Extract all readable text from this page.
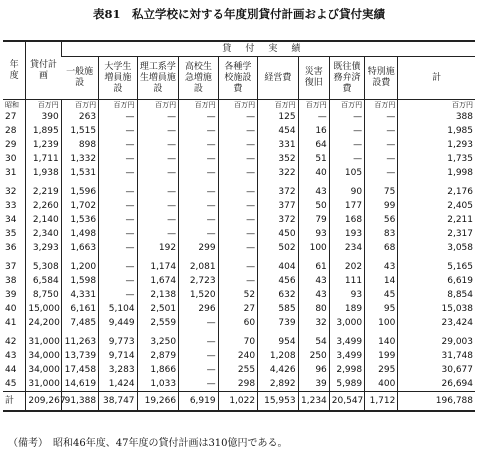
表81　私立学校に対する年度別貸付計画および貸付実績
年 度	貸付計画	貸付実績									
		一般施設	大学生増員施設	理工系学生増員施設	高校生急増施設	各種学校施設費	経営費	災害復旧	既往債務弁済費	特別施設費	計
昭和	百万円	百万円	百万円	百万円	百万円	百万円	百万円	百万円	百万円	百万円	百万円
27	390	263	—	—	—	—	125	—	—	—	388
28	1,895	1,515	—	—	—	—	454	16	—	—	1,985
29	1,239	898	—	—	—	—	331	64	—	—	1,293
30	1,711	1,332	—	—	—	—	352	51	—	—	1,735
31	1,938	1,531	—	—	—	—	322	40	105	—	1,998

32	2,219	1,596	—	—	—	—	372	43	90	75	2,176
33	2,260	1,702	—	—	—	—	377	50	177	99	2,405
34	2,140	1,536	—	—	—	—	372	79	168	56	2,211
35	2,340	1,498	—	—	—	—	450	93	193	83	2,317
36	3,293	1,663	—	192	299	—	502	100	234	68	3,058

37	5,308	1,200	—	1,174	2,081	—	404	61	202	43	5,165
38	6,584	1,598	—	1,674	2,723	—	456	43	111	14	6,619
39	8,750	4,331	—	2,138	1,520	52	632	43	93	45	8,854
40	15,000	6,161	5,104	2,501	296	27	585	80	189	95	15,038
41	24,200	7,485	9,449	2,559	—	60	739	32	3,000	100	23,424

42	31,000	11,263	9,773	3,250	—	70	954	54	3,499	140	29,003
43	34,000	13,739	9,714	2,879	—	240	1,208	250	3,499	199	31,748
44	34,000	17,458	3,283	1,866	—	255	4,426	96	2,998	295	30,677
45	31,000	14,619	1,424	1,033	—	298	2,892	39	5,989	400	26,694
計	209,267	91,388	38,747	19,266	6,919	1,022	15,953	1,234	20,547	1,712	196,788
（備考）　昭和46年度、47年度の貸付計画は310億円である。
